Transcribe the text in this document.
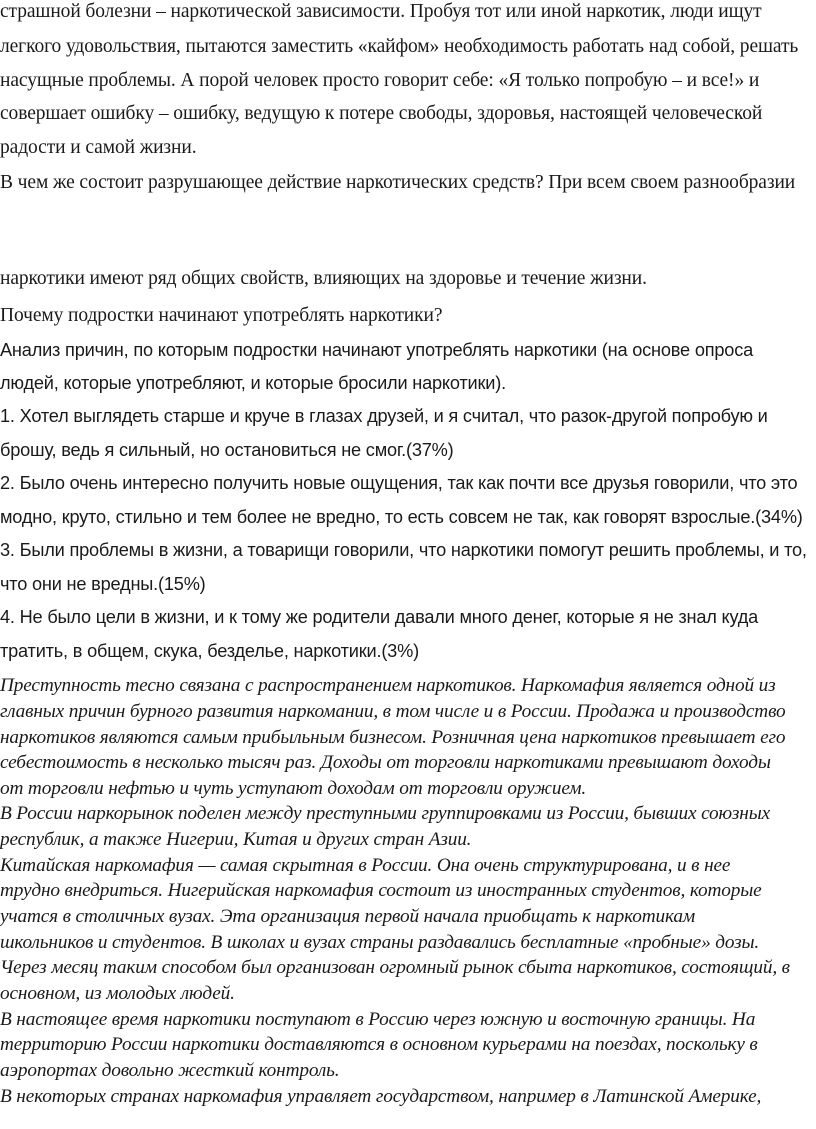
страшной болезни – наркотической зависимости. Пробуя тот или иной наркотик, люди ищут
легкого удовольствия, пытаются заместить «кайфом» необходимость работать над собой, решать
насущные проблемы. А порой человек просто говорит себе: «Я только попробую – и все!» и
совершает ошибку – ошибку, ведущую к потере свободы, здоровья, настоящей человеческой
радости и самой жизни.
В чем же состоит разрушающее действие наркотических средств? При всем своем разнообразии
наркотики имеют ряд общих свойств, влияющих на здоровье и течение жизни.
Почему подростки начинают употреблять наркотики?
Анализ причин, по которым подростки начинают употреблять наркотики (на основе опроса
людей, которые употребляют, и которые бросили наркотики).
1. Хотел выглядеть старше и круче в глазах друзей, и я считал, что разок-другой попробую и
брошу, ведь я сильный, но остановиться не смог.(37%)
2. Было очень интересно получить новые ощущения, так как почти все друзья говорили, что это
модно, круто, стильно и тем более не вредно, то есть совсем не так, как говорят взрослые.(34%)
3. Были проблемы в жизни, а товарищи говорили, что наркотики помогут решить проблемы, и то,
что они не вредны.(15%)
4. Не было цели в жизни, и к тому же родители давали много денег, которые я не знал куда
тратить, в общем, скука, безделье, наркотики.(3%)
Преступность тесно связана с распространением наркотиков. Наркомафия является одной из
главных причин бурного развития наркомании, в том числе и в России. Продажа и производство
наркотиков являются самым прибыльным бизнесом. Розничная цена наркотиков превышает его
себестоимость в несколько тысяч раз. Доходы от торговли наркотиками превышают доходы
от торговли нефтью и чуть уступают доходам от торговли оружием.
В России наркорынок поделен между преступными группировками из России, бывших союзных
республик, а также Нигерии, Китая и других стран Азии.
Китайская наркомафия — самая скрытная в России. Она очень структурирована, и в нее
трудно внедриться. Нигерийская наркомафия состоит из иностранных студентов, которые
учатся в столичных вузах. Эта организация первой начала приобщать к наркотикам
школьников и студентов. В школах и вузах страны раздавались бесплатные «пробные» дозы.
Через месяц таким способом был организован огромный рынок сбыта наркотиков, состоящий, в
основном, из молодых людей.
В настоящее время наркотики поступают в Россию через южную и восточную границы. На
территорию России наркотики доставляются в основном курьерами на поездах, поскольку в
аэропортах довольно жесткий контроль.
В некоторых странах наркомафия управляет государством, например в Латинской Америке,
